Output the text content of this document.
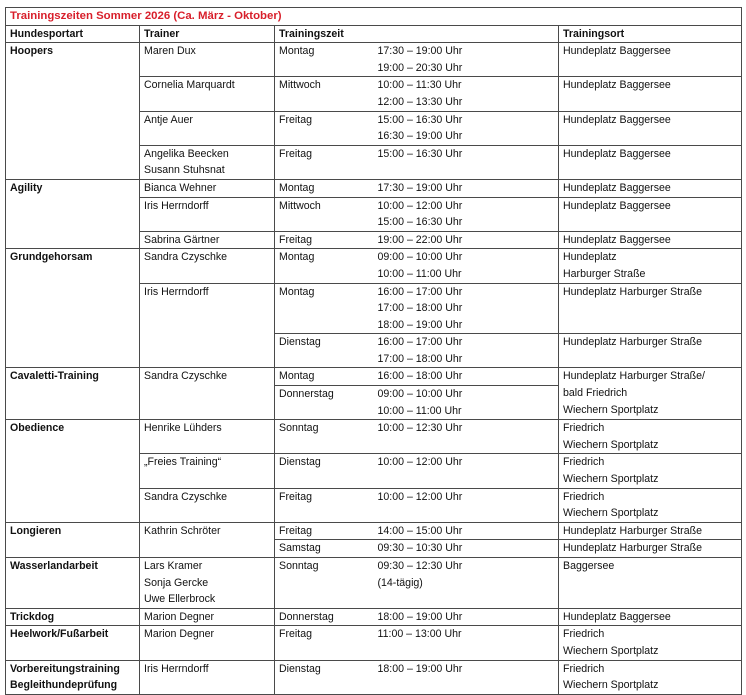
Trainingszeiten Sommer 2026 (Ca. März - Oktober)				
Hundesportart	Trainer	Trainingszeit		Trainingsort

Hoopers	Maren Dux	Montag	17:30 – 19:00 Uhr
19:00 – 20:30 Uhr	Hundeplatz Baggersee

	Cornelia Marquardt	Mittwoch	10:00 – 11:30 Uhr
12:00 – 13:30 Uhr	Hundeplatz Baggersee

	Antje Auer	Freitag	15:00 – 16:30 Uhr
16:30 – 19:00 Uhr	Hundeplatz Baggersee

	Angelika Beecken
Susann Stuhsnat	Freitag	15:00 – 16:30 Uhr	Hundeplatz Baggersee

Agility	Bianca Wehner	Montag	17:30 – 19:00 Uhr	Hundeplatz Baggersee

	Iris Herrndorff	Mittwoch	10:00 – 12:00 Uhr
15:00 – 16:30 Uhr	Hundeplatz Baggersee

	Sabrina Gärtner	Freitag	19:00 – 22:00 Uhr	Hundeplatz Baggersee

Grundgehorsam	Sandra Czyschke	Montag	09:00 – 10:00 Uhr
10:00 – 11:00 Uhr	Hundeplatz
Harburger Straße

	Iris Herrndorff	Montag	16:00 – 17:00 Uhr
17:00 – 18:00 Uhr
18:00 – 19:00 Uhr	Hundeplatz Harburger Straße

		Dienstag	16:00 – 17:00 Uhr
17:00 – 18:00 Uhr	Hundeplatz Harburger Straße

Cavaletti-Training	Sandra Czyschke	Montag	16:00 – 18:00 Uhr	Hundeplatz Harburger Straße/
bald Friedrich
Wiechern Sportplatz

		Donnerstag	09:00 – 10:00 Uhr
10:00 – 11:00 Uhr	

Obedience	Henrike Lühders	Sonntag	10:00 – 12:30 Uhr	Friedrich
Wiechern Sportplatz

	„Freies Training“	Dienstag	10:00 – 12:00 Uhr	Friedrich
Wiechern Sportplatz

	Sandra Czyschke	Freitag	10:00 – 12:00 Uhr	Friedrich
Wiechern Sportplatz

Longieren	Kathrin Schröter	Freitag	14:00 – 15:00 Uhr	Hundeplatz Harburger Straße

		Samstag	09:30 – 10:30 Uhr	Hundeplatz Harburger Straße

Wasserlandarbeit	Lars Kramer
Sonja Gercke
Uwe Ellerbrock	Sonntag	09:30 – 12:30 Uhr
(14-tägig)	Baggersee

Trickdog	Marion Degner	Donnerstag	18:00 – 19:00 Uhr	Hundeplatz Baggersee

Heelwork/Fußarbeit	Marion Degner	Freitag	11:00 – 13:00 Uhr	Friedrich
Wiechern Sportplatz

Vorbereitungstraining
Begleithundeprüfung	Iris Herrndorff	Dienstag	18:00 – 19:00 Uhr	Friedrich
Wiechern Sportplatz
